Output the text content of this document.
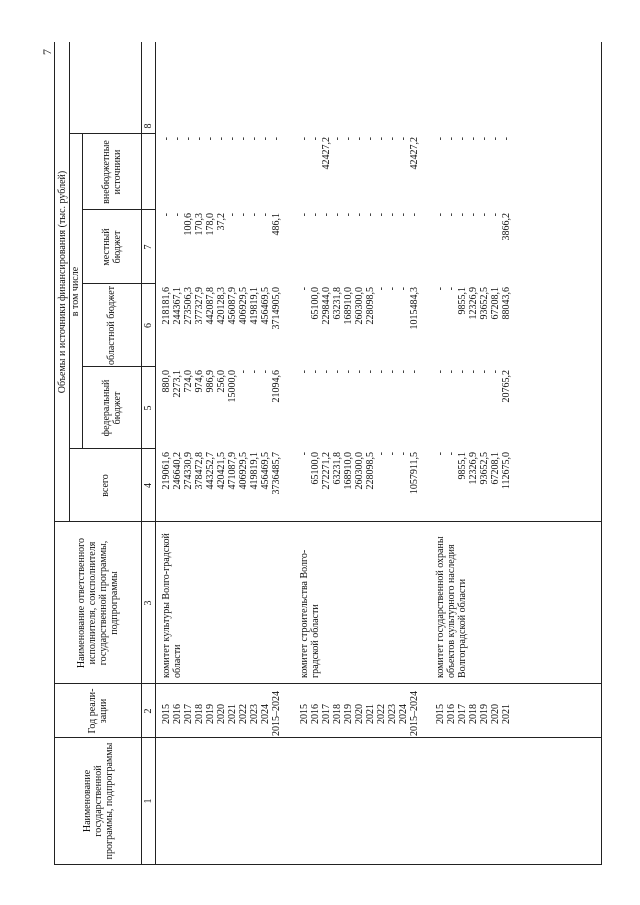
7
Наименование государственной программы, подпрограммы
Год реали-зации
Наименование ответственного исполнителя, соисполнителя государственной программы, подпрограммы
Объемы и источники финансирования (тыс. рублей)
всего
в том числе
федеральный бюджет
областной бюджет
местный бюджет
внебюджетные источники
1
2
3
4
5
6
7
8
комитет культуры Волго-градской области
2015
219061,6
880,0
218181,6
-
-
2016
246640,2
2273,1
244367,1
-
-
2017
274330,9
724,0
273506,3
100,6
-
2018
378472,8
974,6
377327,9
170,3
-
2019
443252,7
986,9
442087,8
178,0
-
2020
420421,5
256,0
420128,3
37,2
-
2021
471087,9
15000,0
456087,9
-
-
2022
406929,5
-
406929,5
-
-
2023
419819,1
-
419819,1
-
-
2024
456469,5
-
456469,5
-
-
2015–2024
3736485,7
21094,6
3714905,0
486,1
-
комитет строительства Волго-градской области
2015
-
-
-
-
-
2016
65100,0
-
65100,0
-
-
2017
272271,2
-
229844,0
-
42427,2
2018
63231,8
-
63231,8
-
-
2019
168910,0
-
168910,0
-
-
2020
260300,0
-
260300,0
-
-
2021
228098,5
-
228098,5
-
-
2022
-
-
-
-
-
2023
-
-
-
-
-
2024
-
-
-
-
-
2015–2024
1057911,5
-
1015484,3
-
42427,2
комитет государственной охраны объектов культурного наследия Волгоградской области
2015
-
-
-
-
-
2016
-
-
-
-
-
2017
9855,1
-
9855,1
-
-
2018
12326,9
-
12326,9
-
-
2019
93652,5
-
93652,5
-
-
2020
67208,1
-
67208,1
-
-
2021
112675,0
20765,2
88043,6
3866,2
-
